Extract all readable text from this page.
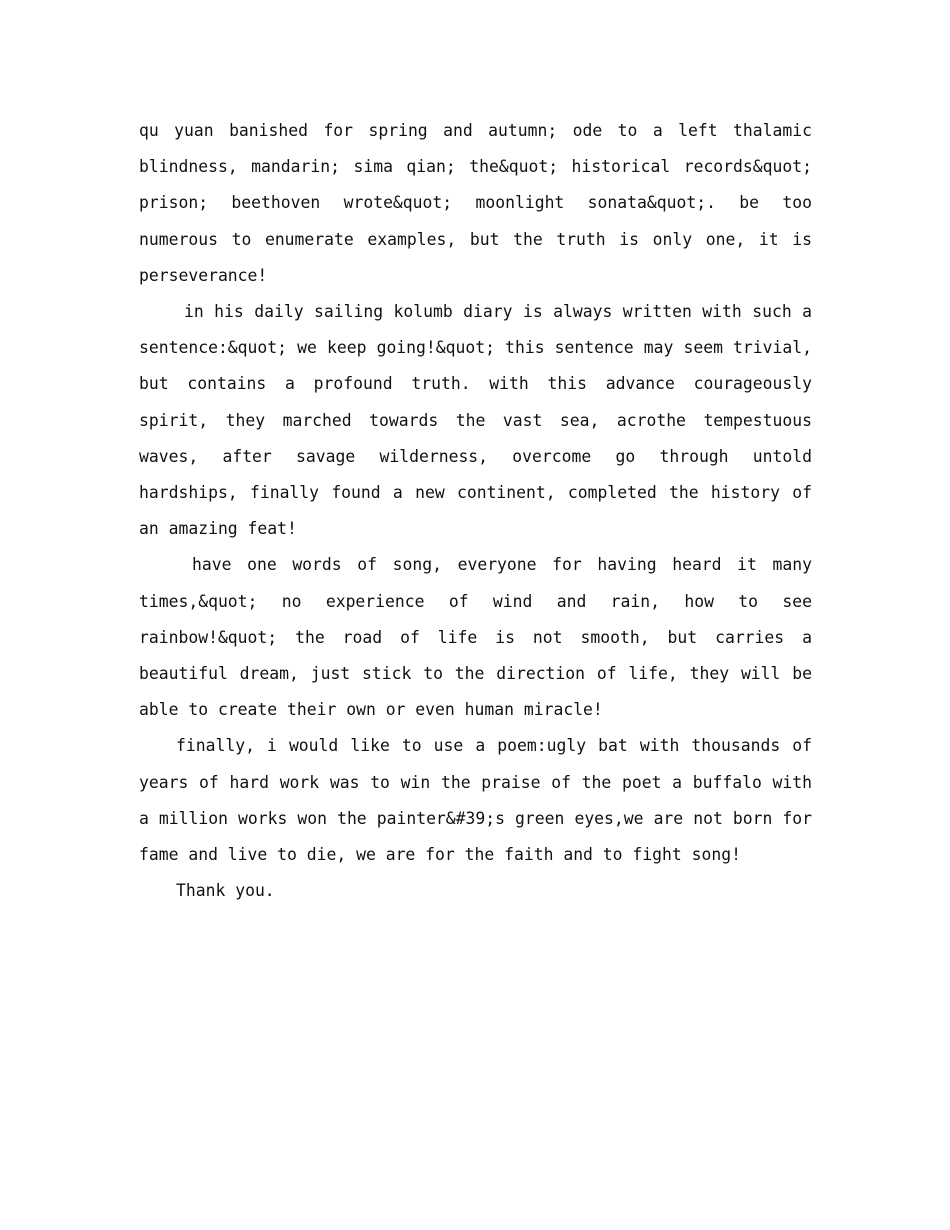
qu yuan banished for spring and autumn; ode to a left thalamic blindness, mandarin; sima qian; the&quot; historical records&quot; prison; beethoven wrote&quot; moonlight sonata&quot;. be too numerous to enumerate examples, but the truth is only one, it is perseverance!

in his daily sailing kolumb diary is always written with such a sentence:&quot; we keep going!&quot; this sentence may seem trivial, but contains a profound truth. with this advance courageously spirit, they marched towards the vast sea, acrothe tempestuous waves, after savage wilderness, overcome go through untold hardships, finally found a new continent, completed the history of an amazing feat!

have one words of song, everyone for having heard it many times,&quot; no experience of wind and rain, how to see rainbow!&quot; the road of life is not smooth, but carries a beautiful dream, just stick to the direction of life, they will be able to create their own or even human miracle!

finally, i would like to use a poem:ugly bat with thousands of years of hard work was to win the praise of the poet a buffalo with a million works won the painter&#39;s green eyes,we are not born for fame and live to die, we are for the faith and to fight song!

Thank you.
